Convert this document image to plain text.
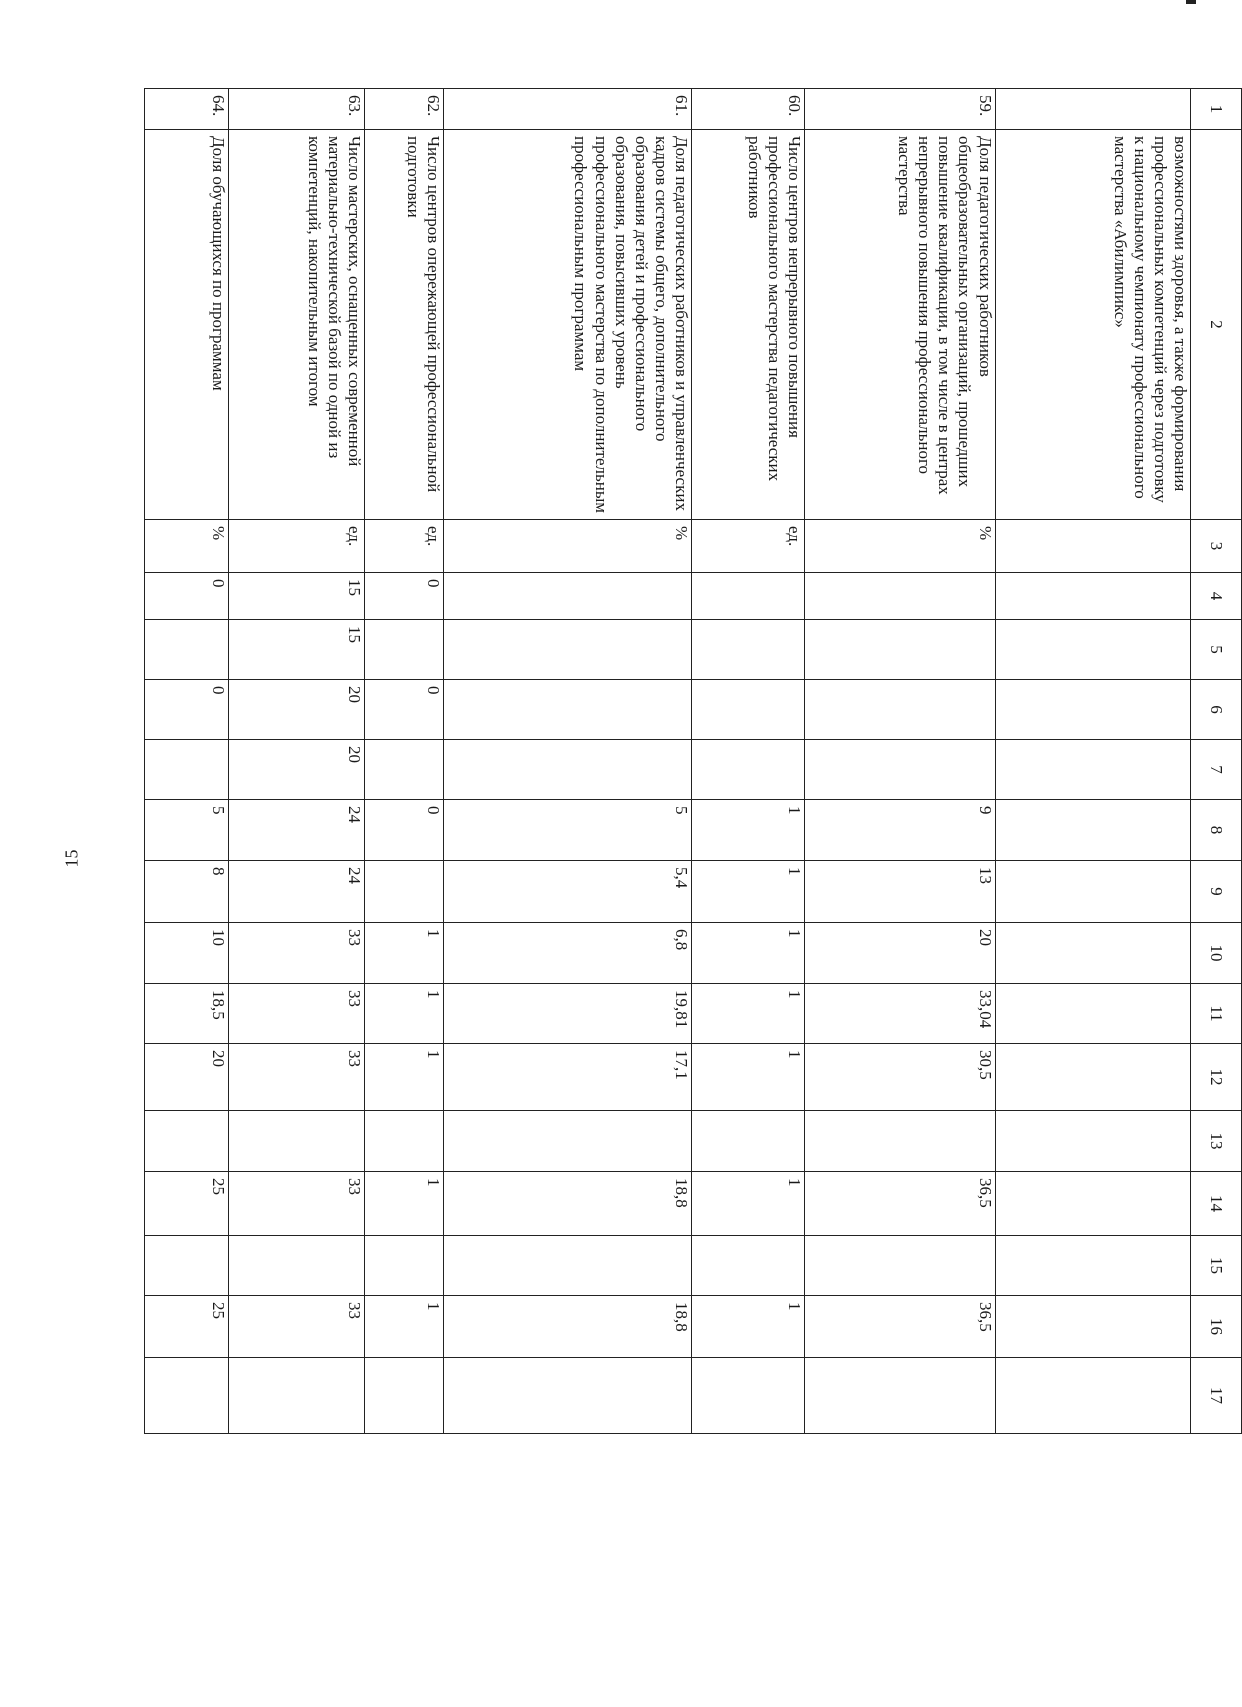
15
1	2	3	4	5	6	7	8	9	10	11	12	13	14	15	16	17
	возможностями здоровья, а также формирования профессиональных компетенций через подготовку к национальному чемпионату профессионального мастерства «Абилимпикс»															
59.	Доля педагогических работников общеобразовательных организаций, прошедших повышение квалификации, в том числе в центрах непрерывного повышения профессионального мастерства	%					9	13	20	33,04	30,5		36,5		36,5	
60.	Число центров непрерывного повышения профессионального мастерства педагогических работников	ед.					1	1	1	1	1		1		1	
61.	Доля педагогических работников и управленческих кадров системы общего, дополнительного образования детей и профессионального образования, повысивших уровень профессионального мастерства по дополнительным профессиональным программам	%					5	5,4	6,8	19,81	17,1		18,8		18,8	
62.	Число центров опережающей профессиональной подготовки	ед.	0		0		0		1	1	1		1		1	
63.	Число мастерских, оснащенных современной материально-технической базой по одной из компетенций, накопительным итогом	ед.	15	15	20	20	24	24	33	33	33		33		33	
64.	Доля обучающихся по программам	%	0		0		5	8	10	18,5	20		25		25	
